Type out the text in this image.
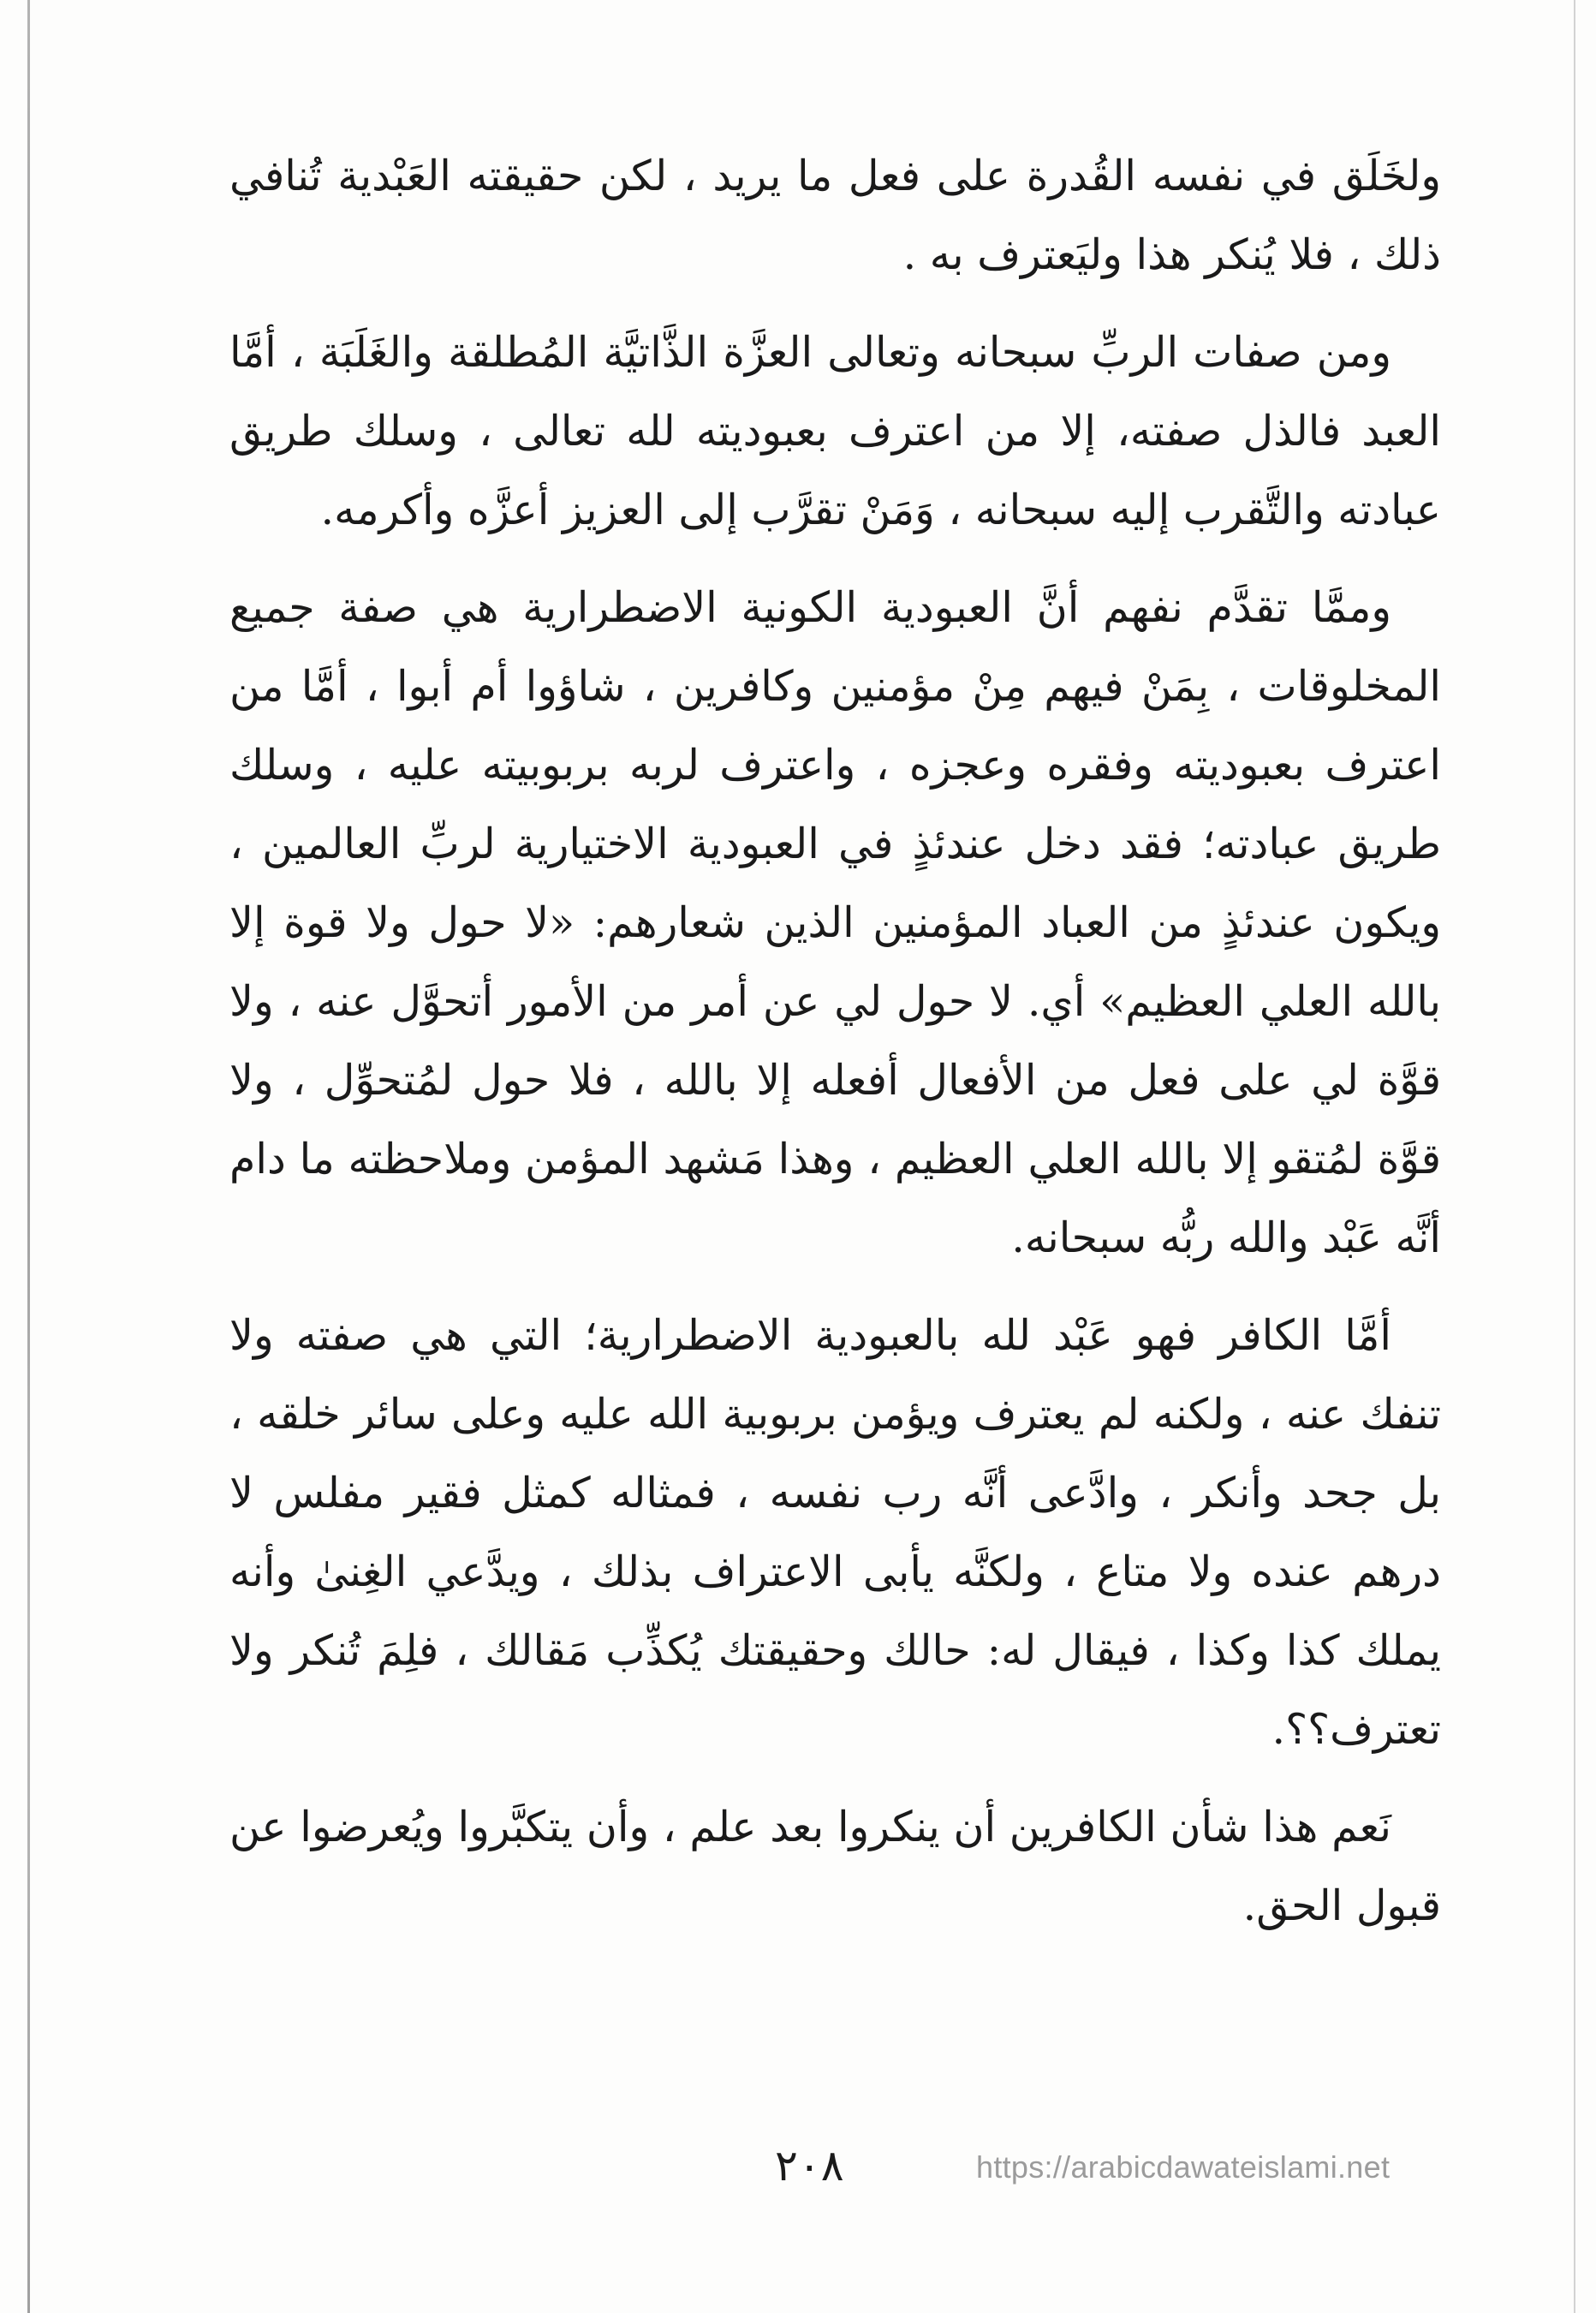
ولخَلَق في نفسه القُدرة على فعل ما يريد ، لكن حقيقته العَبْدية تُنافي ذلك ، فلا يُنكر هذا وليَعترف به .

ومن صفات الربِّ سبحانه وتعالى العزَّة الذَّاتيَّة المُطلقة والغَلَبَة ، أمَّا العبد فالذل صفته، إلا من اعترف بعبوديته لله تعالى ، وسلك طريق عبادته والتَّقرب إليه سبحانه ، وَمَنْ تقرَّب إلى العزيز أعزَّه وأكرمه.

وممَّا تقدَّم نفهم أنَّ العبودية الكونية الاضطرارية هي صفة جميع المخلوقات ، بِمَنْ فيهم مِنْ مؤمنين وكافرين ، شاؤوا أم أبوا ، أمَّا من اعترف بعبوديته وفقره وعجزه ، واعترف لربه بربوبيته عليه ، وسلك طريق عبادته؛ فقد دخل عندئذٍ في العبودية الاختيارية لربِّ العالمين ، ويكون عندئذٍ من العباد المؤمنين الذين شعارهم: «لا حول ولا قوة إلا بالله العلي العظيم» أي. لا حول لي عن أمر من الأمور أتحوَّل عنه ، ولا قوَّة لي على فعل من الأفعال أفعله إلا بالله ، فلا حول لمُتحوِّل ، ولا قوَّة لمُتقو إلا بالله العلي العظيم ، وهذا مَشهد المؤمن وملاحظته ما دام أنَّه عَبْد والله ربُّه سبحانه.

أمَّا الكافر فهو عَبْد لله بالعبودية الاضطرارية؛ التي هي صفته ولا تنفك عنه ، ولكنه لم يعترف ويؤمن بربوبية الله عليه وعلى سائر خلقه ، بل جحد وأنكر ، وادَّعى أنَّه رب نفسه ، فمثاله كمثل فقير مفلس لا درهم عنده ولا متاع ، ولكنَّه يأبى الاعتراف بذلك ، ويدَّعي الغِنىٰ وأنه يملك كذا وكذا ، فيقال له: حالك وحقيقتك يُكذِّب مَقالك ، فلِمَ تُنكر ولا تعترف؟؟.

نَعم هذا شأن الكافرين أن ينكروا بعد علم ، وأن يتكبَّروا ويُعرضوا عن قبول الحق.

٢٠٨	https://arabicdawateislami.net
